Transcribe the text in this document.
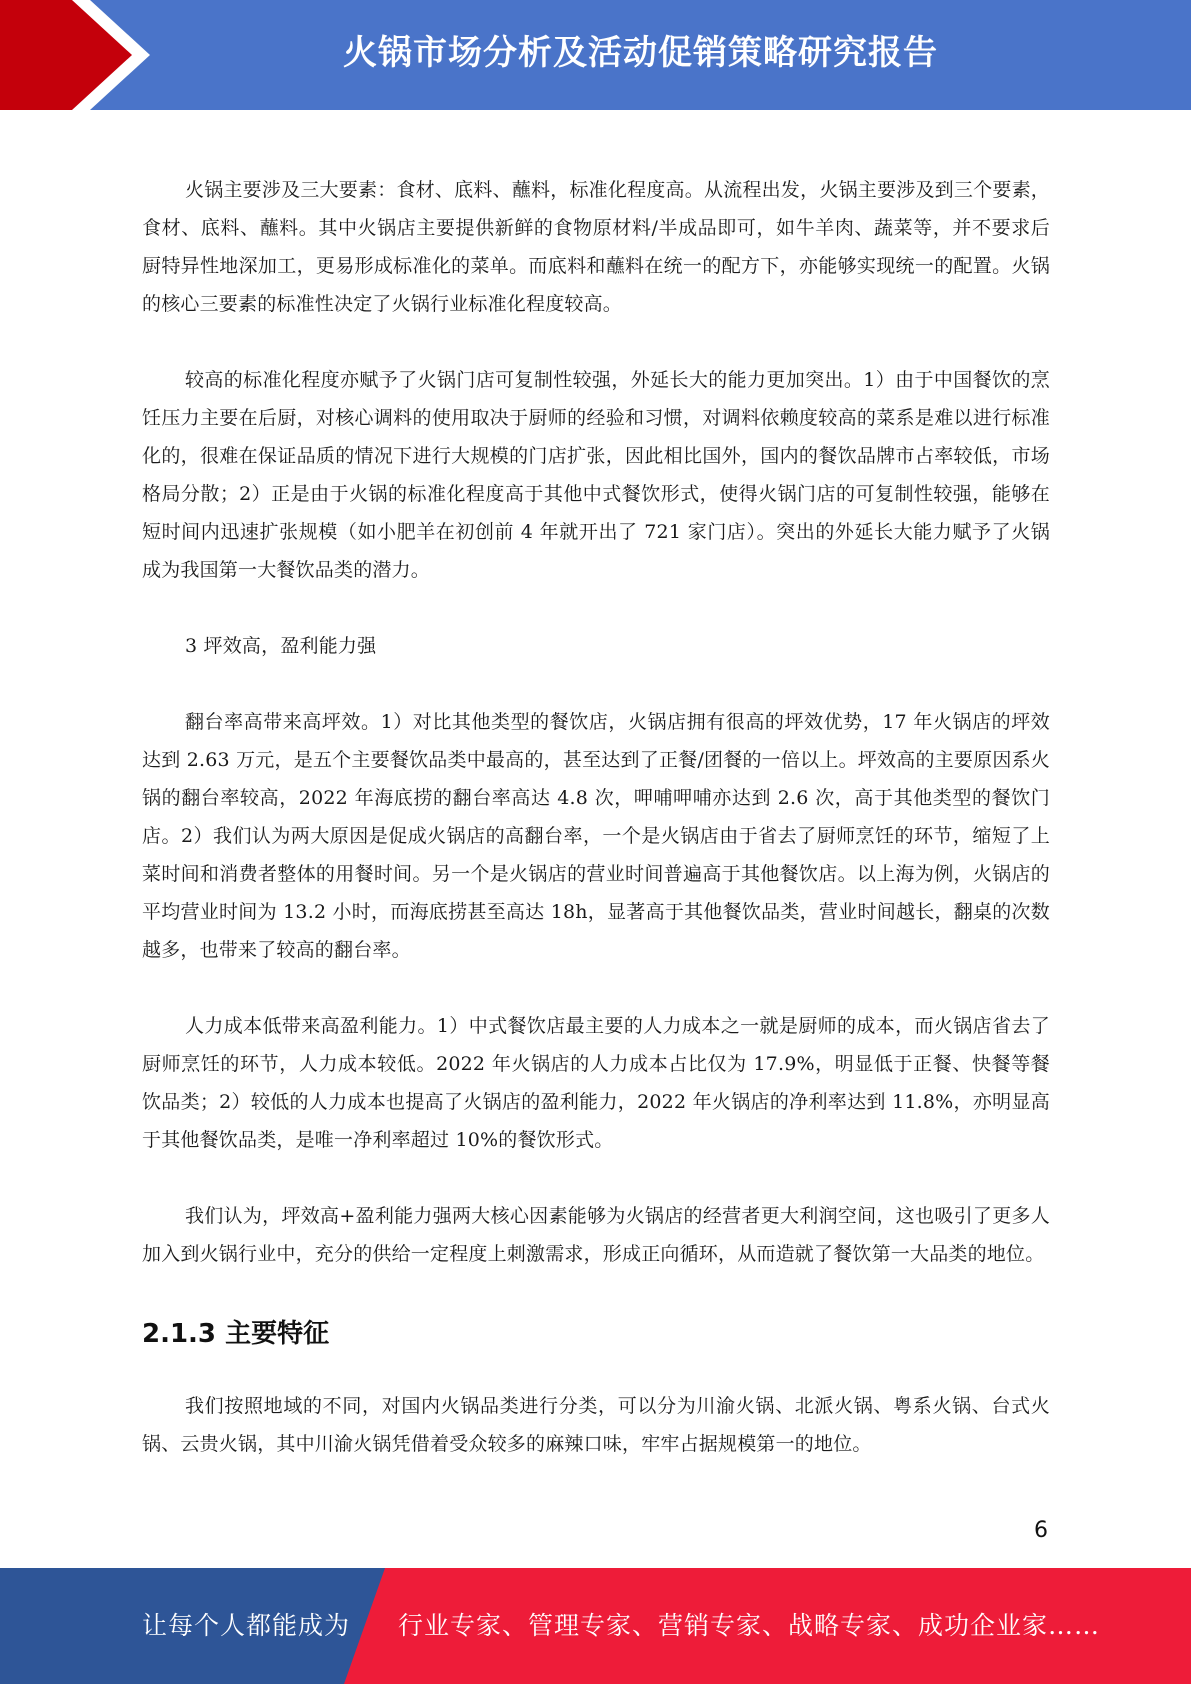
火锅市场分析及活动促销策略研究报告

火锅主要涉及三大要素：食材、底料、蘸料，标准化程度高。从流程出发，火锅主要涉及到三个要素，食材、底料、蘸料。其中火锅店主要提供新鲜的食物原材料/半成品即可，如牛羊肉、蔬菜等，并不要求后厨特异性地深加工，更易形成标准化的菜单。而底料和蘸料在统一的配方下，亦能够实现统一的配置。火锅的核心三要素的标准性决定了火锅行业标准化程度较高。

较高的标准化程度亦赋予了火锅门店可复制性较强，外延长大的能力更加突出。1）由于中国餐饮的烹饪压力主要在后厨，对核心调料的使用取决于厨师的经验和习惯，对调料依赖度较高的菜系是难以进行标准化的，很难在保证品质的情况下进行大规模的门店扩张，因此相比国外，国内的餐饮品牌市占率较低，市场格局分散；2）正是由于火锅的标准化程度高于其他中式餐饮形式，使得火锅门店的可复制性较强，能够在短时间内迅速扩张规模（如小肥羊在初创前 4 年就开出了 721 家门店）。突出的外延长大能力赋予了火锅成为我国第一大餐饮品类的潜力。

3 坪效高，盈利能力强

翻台率高带来高坪效。1）对比其他类型的餐饮店，火锅店拥有很高的坪效优势，17 年火锅店的坪效达到 2.63 万元，是五个主要餐饮品类中最高的，甚至达到了正餐/团餐的一倍以上。坪效高的主要原因系火锅的翻台率较高，2022 年海底捞的翻台率高达 4.8 次，呷哺呷哺亦达到 2.6 次，高于其他类型的餐饮门店。2）我们认为两大原因是促成火锅店的高翻台率，一个是火锅店由于省去了厨师烹饪的环节，缩短了上菜时间和消费者整体的用餐时间。另一个是火锅店的营业时间普遍高于其他餐饮店。以上海为例，火锅店的平均营业时间为 13.2 小时，而海底捞甚至高达 18h，显著高于其他餐饮品类，营业时间越长，翻桌的次数越多，也带来了较高的翻台率。

人力成本低带来高盈利能力。1）中式餐饮店最主要的人力成本之一就是厨师的成本，而火锅店省去了厨师烹饪的环节，人力成本较低。2022 年火锅店的人力成本占比仅为 17.9%，明显低于正餐、快餐等餐饮品类；2）较低的人力成本也提高了火锅店的盈利能力，2022 年火锅店的净利率达到 11.8%，亦明显高于其他餐饮品类，是唯一净利率超过 10%的餐饮形式。

我们认为，坪效高+盈利能力强两大核心因素能够为火锅店的经营者更大利润空间，这也吸引了更多人加入到火锅行业中，充分的供给一定程度上刺激需求，形成正向循环，从而造就了餐饮第一大品类的地位。

2.1.3 主要特征

我们按照地域的不同，对国内火锅品类进行分类，可以分为川渝火锅、北派火锅、粤系火锅、台式火锅、云贵火锅，其中川渝火锅凭借着受众较多的麻辣口味，牢牢占据规模第一的地位。

6
让每个人都能成为 行业专家、管理专家、营销专家、战略专家、成功企业家……
